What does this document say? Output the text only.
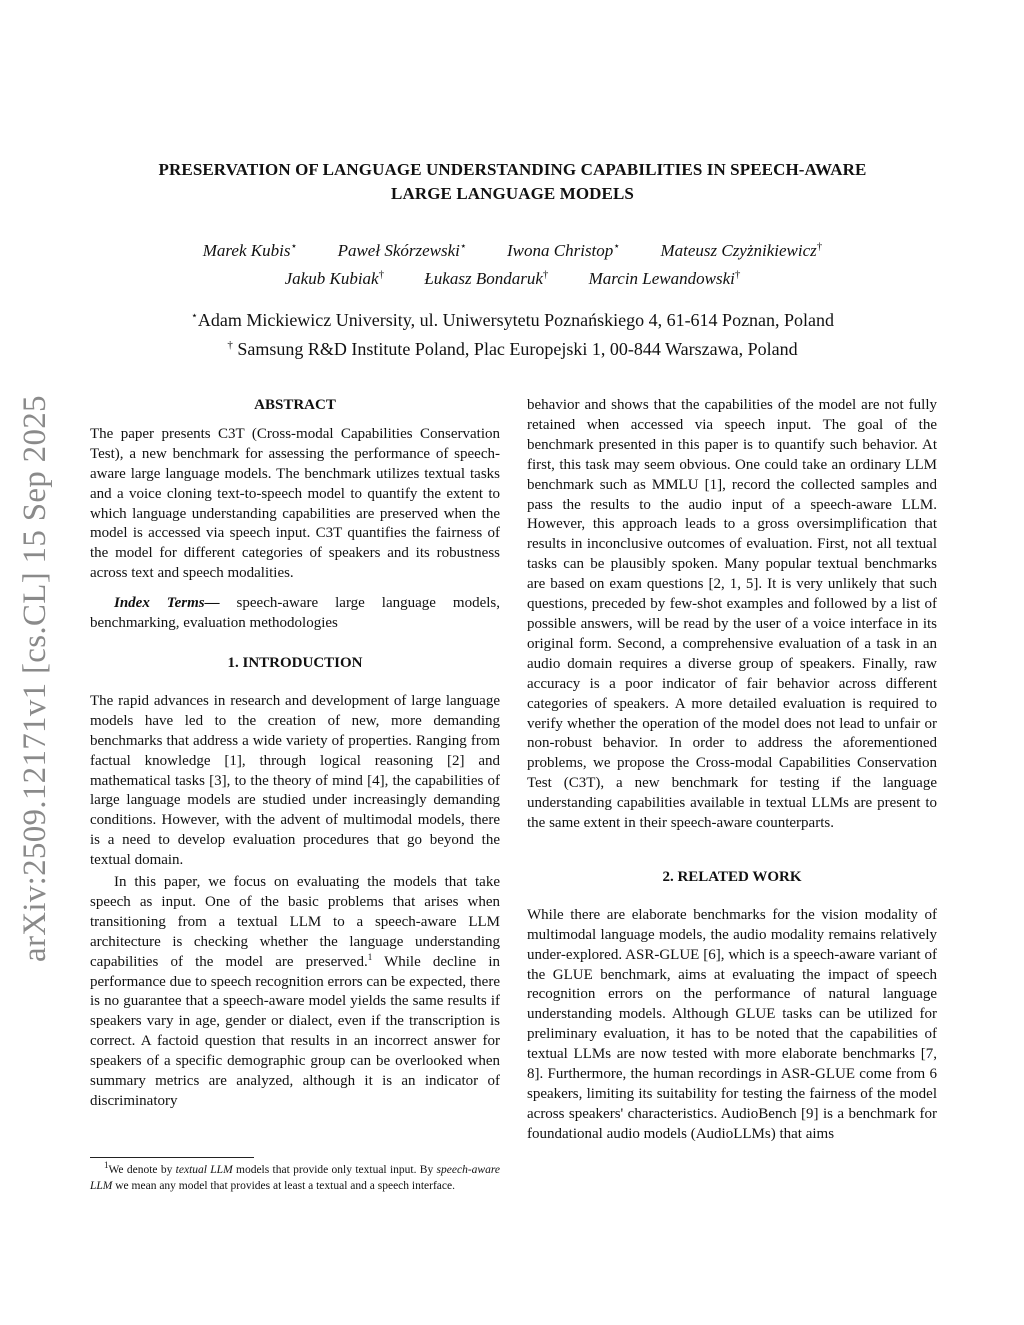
arXiv:2509.12171v1 [cs.CL] 15 Sep 2025
PRESERVATION OF LANGUAGE UNDERSTANDING CAPABILITIES IN SPEECH-AWARE
LARGE LANGUAGE MODELS
Marek Kubis⋆ Paweł Skórzewski⋆ Iwona Christop⋆ Mateusz Czyżnikiewicz†
Jakub Kubiak† Łukasz Bondaruk† Marcin Lewandowski†
⋆Adam Mickiewicz University, ul. Uniwersytetu Poznańskiego 4, 61-614 Poznan, Poland
† Samsung R&D Institute Poland, Plac Europejski 1, 00-844 Warszawa, Poland
ABSTRACT

The paper presents C3T (Cross-modal Capabilities Conservation Test), a new benchmark for assessing the performance of speech-aware large language models. The benchmark utilizes textual tasks and a voice cloning text-to-speech model to quantify the extent to which language understanding capabilities are preserved when the model is accessed via speech input. C3T quantifies the fairness of the model for different categories of speakers and its robustness across text and speech modalities.

Index Terms— speech-aware large language models, benchmarking, evaluation methodologies

1. INTRODUCTION

The rapid advances in research and development of large language models have led to the creation of new, more demanding benchmarks that address a wide variety of properties. Ranging from factual knowledge [1], through logical reasoning [2] and mathematical tasks [3], to the theory of mind [4], the capabilities of large language models are studied under increasingly demanding conditions. However, with the advent of multimodal models, there is a need to develop evaluation procedures that go beyond the textual domain.

In this paper, we focus on evaluating the models that take speech as input. One of the basic problems that arises when transitioning from a textual LLM to a speech-aware LLM architecture is checking whether the language understanding capabilities of the model are preserved.$^1$ While decline in performance due to speech recognition errors can be expected, there is no guarantee that a speech-aware model yields the same results if speakers vary in age, gender or dialect, even if the transcription is correct. A factoid question that results in an incorrect answer for speakers of a specific demographic group can be overlooked when summary metrics are analyzed, although it is an indicator of discriminatory

behavior and shows that the capabilities of the model are not fully retained when accessed via speech input. The goal of the benchmark presented in this paper is to quantify such behavior. At first, this task may seem obvious. One could take an ordinary LLM benchmark such as MMLU [1], record the collected samples and pass the results to the audio input of a speech-aware LLM. However, this approach leads to a gross oversimplification that results in inconclusive outcomes of evaluation. First, not all textual tasks can be plausibly spoken. Many popular textual benchmarks are based on exam questions [2, 1, 5]. It is very unlikely that such questions, preceded by few-shot examples and followed by a list of possible answers, will be read by the user of a voice interface in its original form. Second, a comprehensive evaluation of a task in an audio domain requires a diverse group of speakers. Finally, raw accuracy is a poor indicator of fair behavior across different categories of speakers. A more detailed evaluation is required to verify whether the operation of the model does not lead to unfair or non-robust behavior. In order to address the aforementioned problems, we propose the Cross-modal Capabilities Conservation Test (C3T), a new benchmark for testing if the language understanding capabilities available in textual LLMs are present to the same extent in their speech-aware counterparts.

2. RELATED WORK

While there are elaborate benchmarks for the vision modality of multimodal language models, the audio modality remains relatively under-explored. ASR-GLUE [6], which is a speech-aware variant of the GLUE benchmark, aims at evaluating the impact of speech recognition errors on the performance of natural language understanding models. Although GLUE tasks can be utilized for preliminary evaluation, it has to be noted that the capabilities of textual LLMs are now tested with more elaborate benchmarks [7, 8]. Furthermore, the human recordings in ASR-GLUE come from 6 speakers, limiting its suitability for testing the fairness of the model across speakers' characteristics. AudioBench [9] is a benchmark for foundational audio models (AudioLLMs) that aims

$^1$We denote by textual LLM models that provide only textual input. By speech-aware LLM we mean any model that provides at least a textual and a speech interface.
